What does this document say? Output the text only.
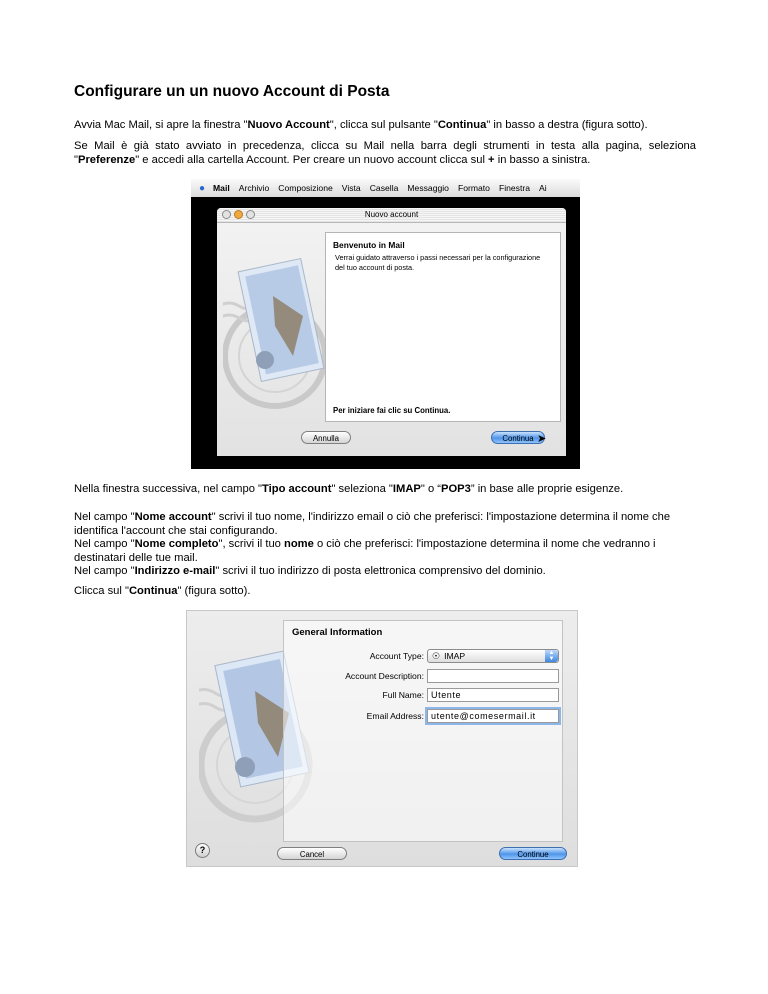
Configurare un un nuovo Account di Posta

Avvia Mac Mail, si apre la finestra "Nuovo Account", clicca sul pulsante "Continua" in basso a destra (figura sotto).

Se Mail è già stato avviato in precedenza, clicca su Mail nella barra degli strumenti in testa alla pagina, seleziona "Preferenze" e accedi alla cartella Account. Per creare un nuovo account clicca sul + in basso a sinistra.

● Mail Archivio Composizione Vista Casella Messaggio Formato Finestra Ai
Nuovo account
Benvenuto in Mail
Verrai guidato attraverso i passi necessari per la configurazione del tuo account di posta.
Per iniziare fai clic su Continua.
Annulla	Continua ➤

Nella finestra successiva, nel campo "Tipo account" seleziona "IMAP" o “POP3” in base alle proprie esigenze.

Nel campo "Nome account" scrivi il tuo nome, l'indirizzo email o ciò che preferisci: l'impostazione determina il nome che identifica l'account che stai configurando.
Nel campo "Nome completo", scrivi il tuo nome o ciò che preferisci: l'impostazione determina il nome che vedranno i destinatari delle tue mail.
Nel campo "Indirizzo e-mail" scrivi il tuo indirizzo di posta elettronica comprensivo del dominio.

Clicca sul "Continua" (figura sotto).

General Information
Account Type: ☉ IMAP	▲
▼
Account Description:
Full Name: Utente
Email Address: utente@comesermail.it
?	Cancel	Continue
